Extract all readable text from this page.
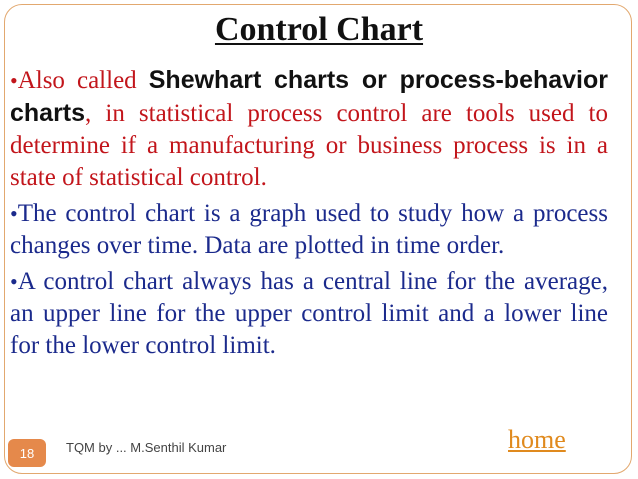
Control Chart

•Also called Shewhart charts or process-behavior charts, in statistical process control are tools used to determine if a manufacturing or business process is in a state of statistical control.

•The control chart is a graph used to study how a process changes over time. Data are plotted in time order.

•A control chart always has a central line for the average, an upper line for the upper control limit and a lower line for the lower control limit.

18	TQM by ... M.Senthil Kumar	home
